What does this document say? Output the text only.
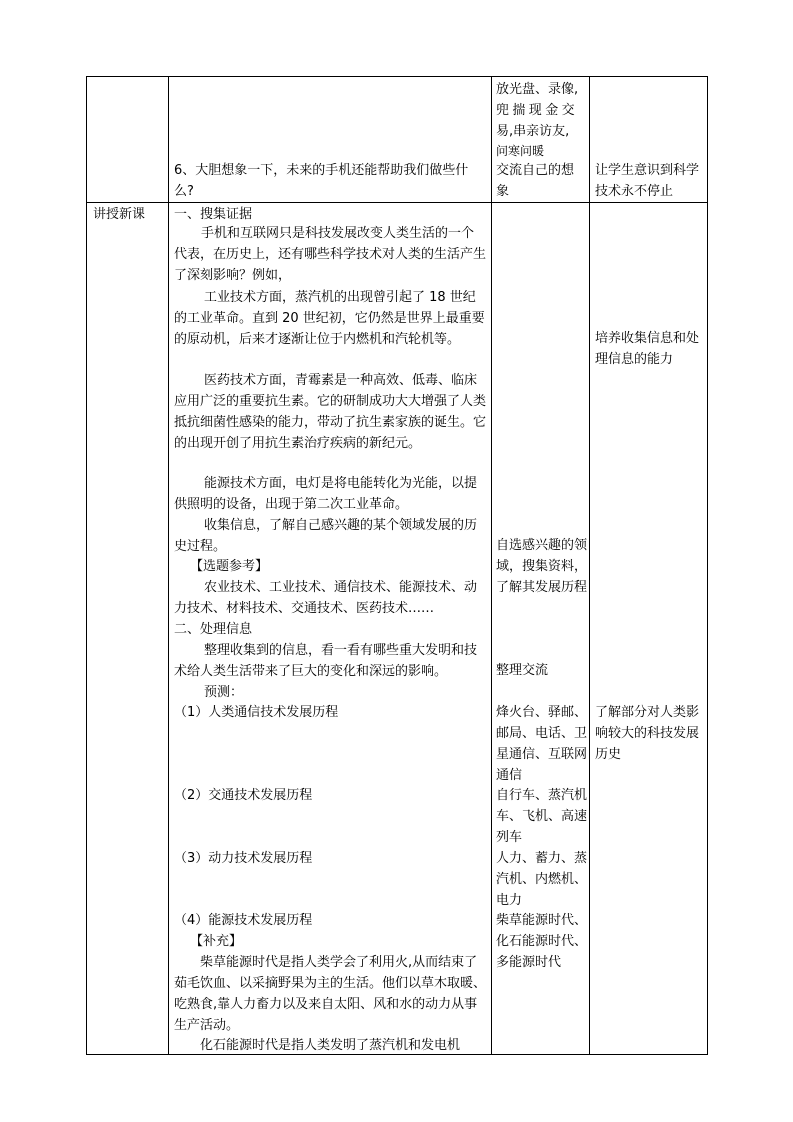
放光盘、录像,
兜揣现金交
易,串亲访友,
问寒问暖
交流自己的想
象
6、大胆想象一下，未来的手机还能帮助我们做些什么?
让学生意识到科学技术永不停止
讲授新课 一、搜集证据
手机和互联网只是科技发展改变人类生活的一个代表，在历史上，还有哪些科学技术对人类的生活产生了深刻影响？例如，
工业技术方面，蒸汽机的出现曾引起了 18 世纪的工业革命。直到 20 世纪初，它仍然是世界上最重要的原动机，后来才逐渐让位于内燃机和汽轮机等。
医药技术方面，青霉素是一种高效、低毒、临床应用广泛的重要抗生素。它的研制成功大大增强了人类抵抗细菌性感染的能力，带动了抗生素家族的诞生。它的出现开创了用抗生素治疗疾病的新纪元。
能源技术方面，电灯是将电能转化为光能，以提供照明的设备，出现于第二次工业革命。
收集信息，了解自己感兴趣的某个领域发展的历史过程。
【选题参考】
农业技术、工业技术、通信技术、能源技术、动力技术、材料技术、交通技术、医药技术……
二、处理信息
整理收集到的信息，看一看有哪些重大发明和技术给人类生活带来了巨大的变化和深远的影响。
预测：
（1）人类通信技术发展历程
（2）交通技术发展历程
（3）动力技术发展历程
（4）能源技术发展历程
【补充】
柴草能源时代是指人类学会了利用火,从而结束了茹毛饮血、以采摘野果为主的生活。他们以草木取暖、吃熟食,靠人力畜力以及来自太阳、风和水的动力从事生产活动。
化石能源时代是指人类发明了蒸汽机和发电机
自选感兴趣的领域，搜集资料，了解其发展历程
整理交流
烽火台、驿邮、邮局、电话、卫星通信、互联网通信
自行车、蒸汽机车、飞机、高速列车
人力、蓄力、蒸汽机、内燃机、电力
柴草能源时代、化石能源时代、多能源时代
培养收集信息和处理信息的能力
了解部分对人类影响较大的科技发展历史
